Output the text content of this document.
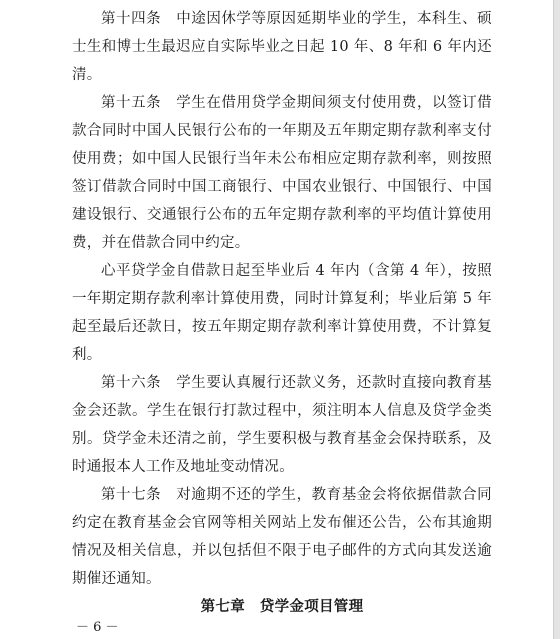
第十四条　 中途因休学等原因延期毕业的学生，本科生、硕士生和博士生最迟应自实际毕业之日起 10 年、8 年和 6 年内还清。

第十五条　 学生在借用贷学金期间须支付使用费，以签订借款合同时中国人民银行公布的一年期及五年期定期存款利率支付使用费；如中国人民银行当年未公布相应定期存款利率，则按照签订借款合同时中国工商银行、中国农业银行、中国银行、中国建设银行、交通银行公布的五年定期存款利率的平均值计算使用费，并在借款合同中约定。

心平贷学金自借款日起至毕业后 4 年内（含第 4 年），按照一年期定期存款利率计算使用费，同时计算复利；毕业后第 5 年起至最后还款日，按五年期定期存款利率计算使用费，不计算复利。

第十六条　 学生要认真履行还款义务，还款时直接向教育基金会还款。学生在银行打款过程中，须注明本人信息及贷学金类别。贷学金未还清之前，学生要积极与教育基金会保持联系，及时通报本人工作及地址变动情况。

第十七条　 对逾期不还的学生，教育基金会将依据借款合同约定在教育基金会官网等相关网站上发布催还公告，公布其逾期情况及相关信息，并以包括但不限于电子邮件的方式向其发送逾期催还通知。

第七章　贷学金项目管理

－ 6 －
